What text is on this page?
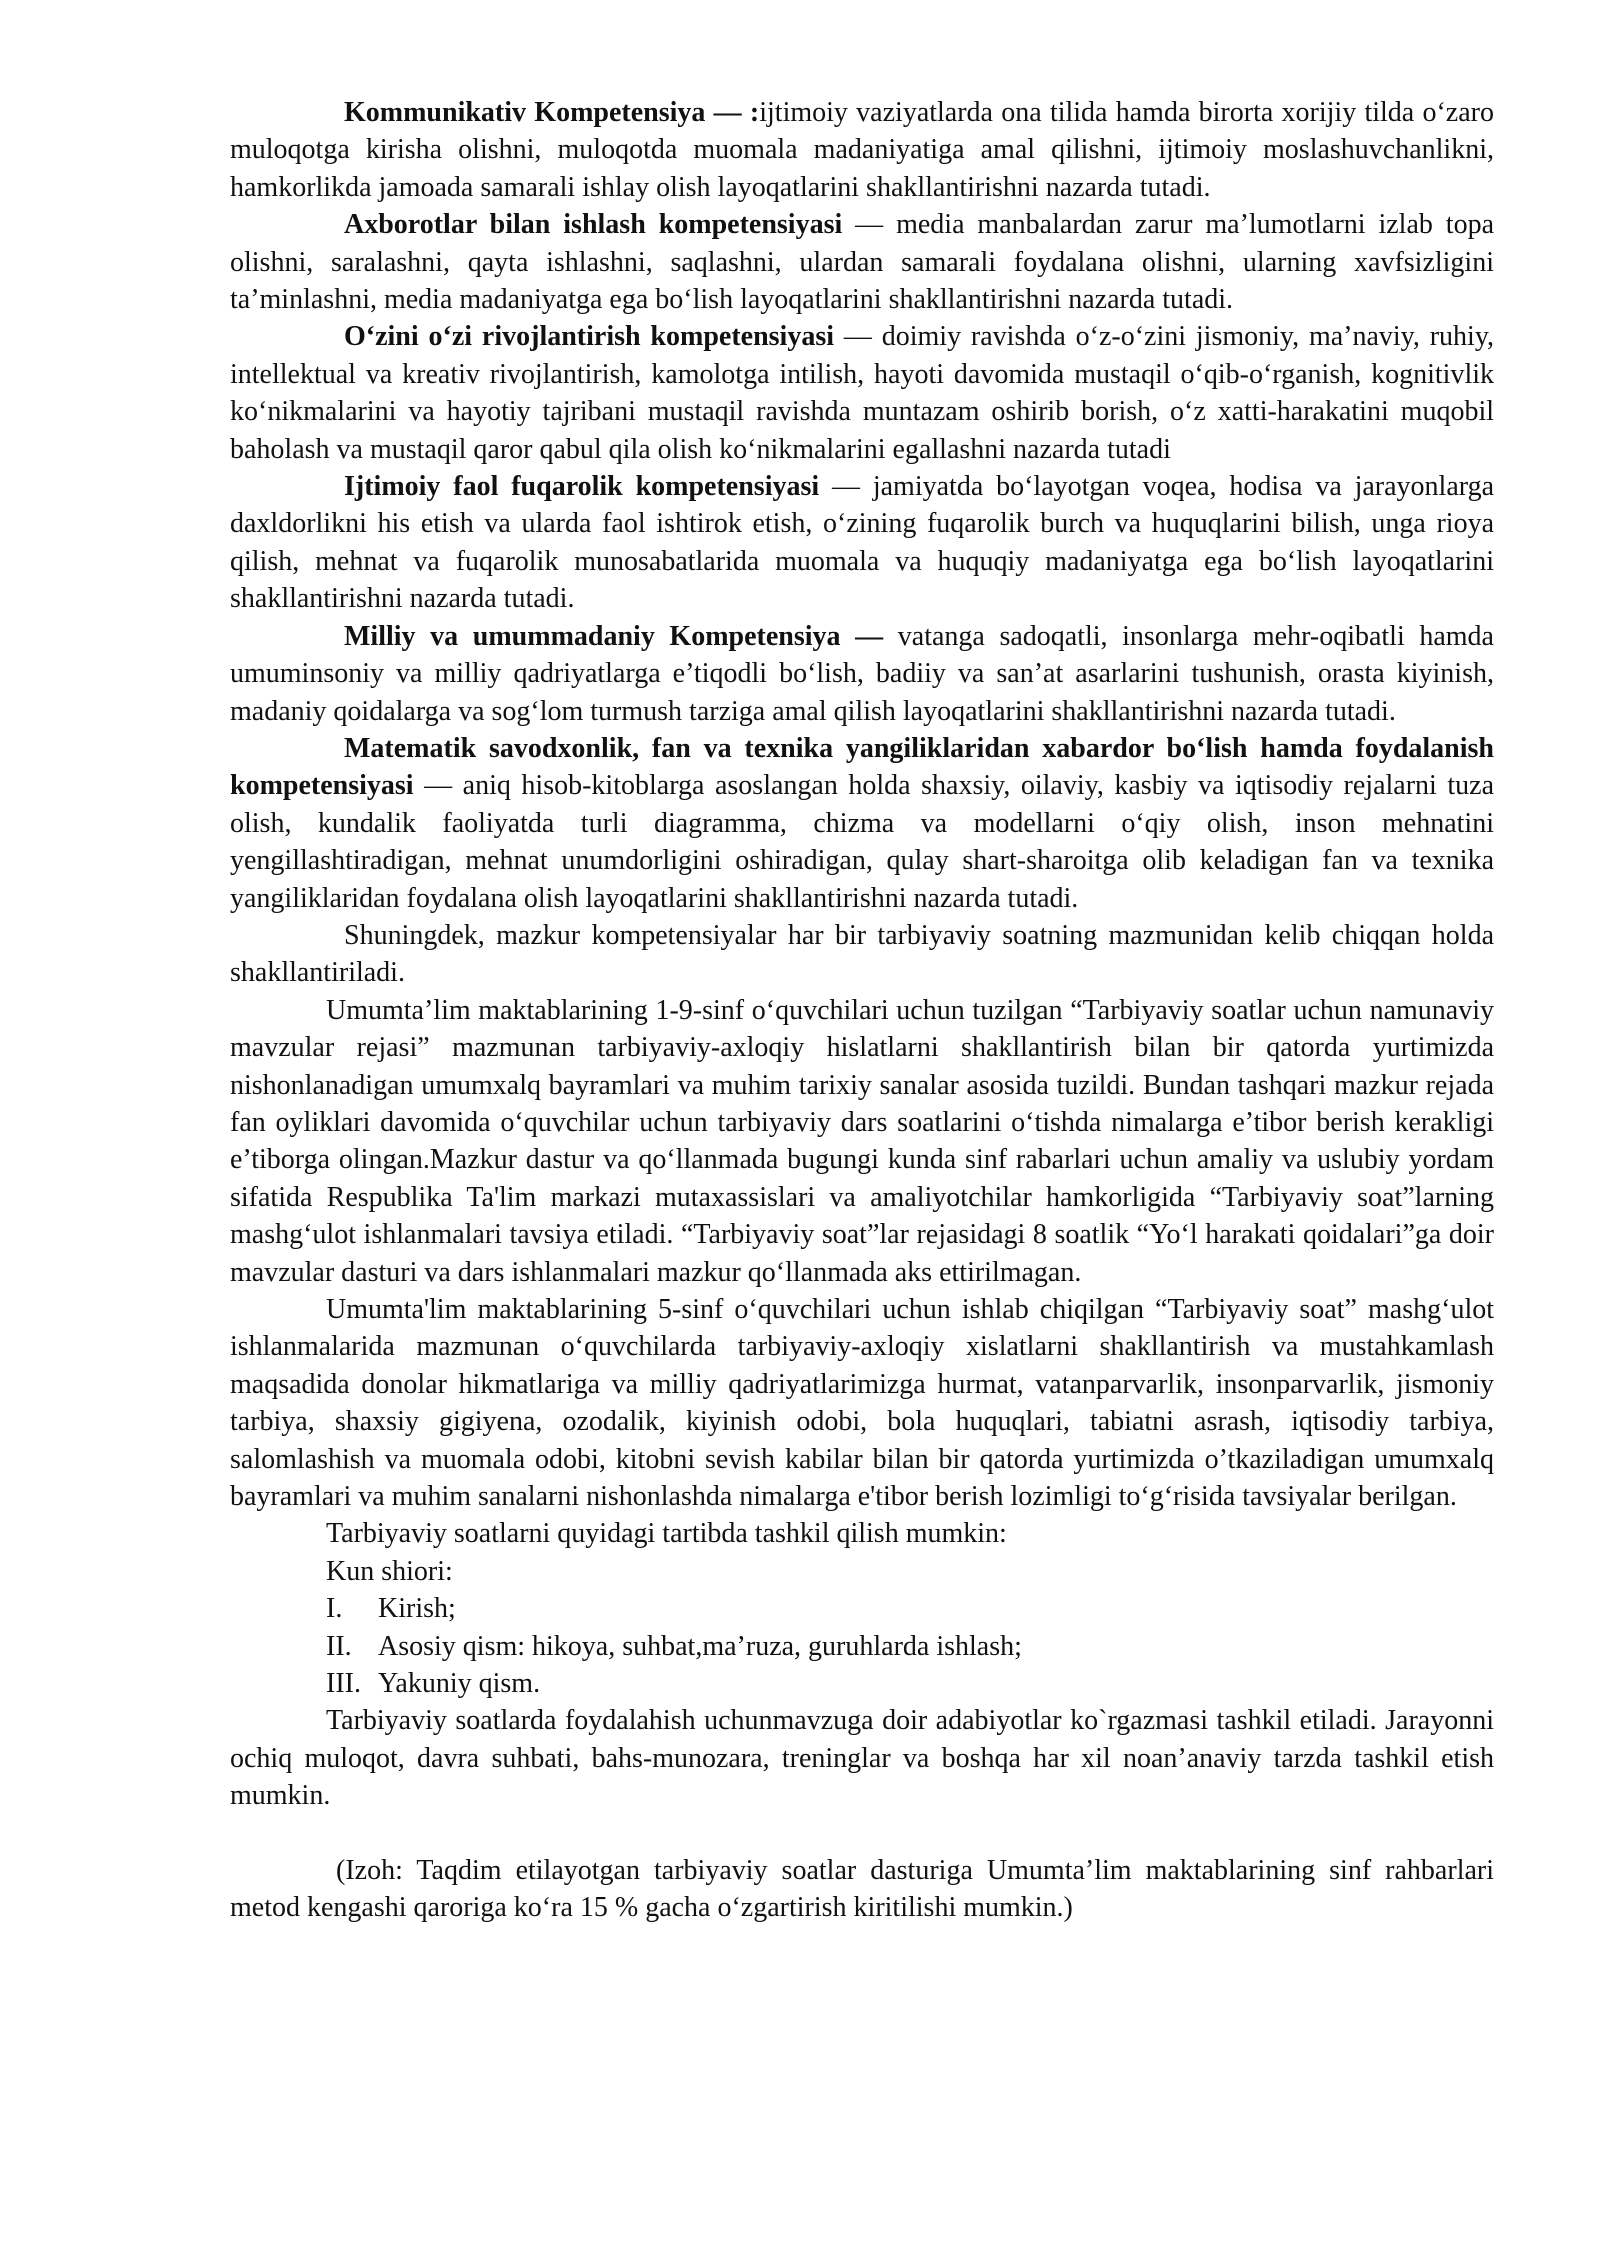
Kommunikativ Kompetensiya — :ijtimoiy vaziyatlarda ona tilida hamda birorta xorijiy tilda o‘zaro muloqotga kirisha olishni, muloqotda muomala madaniyatiga amal qilishni, ijtimoiy moslashuvchanlikni, hamkorlikda jamoada samarali ishlay olish layoqatlarini shakllantirishni nazarda tutadi.

Axborotlar bilan ishlash kompetensiyasi — media manbalardan zarur ma’lumotlarni izlab topa olishni, saralashni, qayta ishlashni, saqlashni, ulardan samarali foydalana olishni, ularning xavfsizligini ta’minlashni, media madaniyatga ega bo‘lish layoqatlarini shakllantirishni nazarda tutadi.

O‘zini o‘zi rivojlantirish kompetensiyasi — doimiy ravishda o‘z-o‘zini jismoniy, ma’naviy, ruhiy, intellektual va kreativ rivojlantirish, kamolotga intilish, hayoti davomida mustaqil o‘qib-o‘rganish, kognitivlik ko‘nikmalarini va hayotiy tajribani mustaqil ravishda muntazam oshirib borish, o‘z xatti-harakatini muqobil baholash va mustaqil qaror qabul qila olish ko‘nikmalarini egallashni nazarda tutadi

Ijtimoiy faol fuqarolik kompetensiyasi — jamiyatda bo‘layotgan voqea, hodisa va jarayonlarga daxldorlikni his etish va ularda faol ishtirok etish, o‘zining fuqarolik burch va huquqlarini bilish, unga rioya qilish, mehnat va fuqarolik munosabatlarida muomala va huquqiy madaniyatga ega bo‘lish layoqatlarini shakllantirishni nazarda tutadi.

Milliy va umummadaniy Kompetensiya — vatanga sadoqatli, insonlarga mehr-oqibatli hamda umuminsoniy va milliy qadriyatlarga e’tiqodli bo‘lish, badiiy va san’at asarlarini tushunish, orasta kiyinish, madaniy qoidalarga va sog‘lom turmush tarziga amal qilish layoqatlarini shakllantirishni nazarda tutadi.

Matematik savodxonlik, fan va texnika yangiliklaridan xabardor bo‘lish hamda foydalanish kompetensiyasi — aniq hisob-kitoblarga asoslangan holda shaxsiy, oilaviy, kasbiy va iqtisodiy rejalarni tuza olish, kundalik faoliyatda turli diagramma, chizma va modellarni o‘qiy olish, inson mehnatini yengillashtiradigan, mehnat unumdorligini oshiradigan, qulay shart-sharoitga olib keladigan fan va texnika yangiliklaridan foydalana olish layoqatlarini shakllantirishni nazarda tutadi.

Shuningdek, mazkur kompetensiyalar har bir tarbiyaviy soatning mazmunidan kelib chiqqan holda shakllantiriladi.

Umumta’lim maktablarining 1-9-sinf o‘quvchilari uchun tuzilgan “Tarbiyaviy soatlar uchun namunaviy mavzular rejasi” mazmunan tarbiyaviy-axloqiy hislatlarni shakllantirish bilan bir qatorda yurtimizda nishonlanadigan umumxalq bayramlari va muhim tarixiy sanalar asosida tuzildi. Bundan tashqari mazkur rejada fan oyliklari davomida o‘quvchilar uchun tarbiyaviy dars soatlarini o‘tishda nimalarga e’tibor berish kerakligi e’tiborga olingan.Mazkur dastur va qo‘llanmada bugungi kunda sinf rabarlari uchun amaliy va uslubiy yordam sifatida Respublika Ta'lim markazi mutaxassislari va amaliyotchilar hamkorligida “Tarbiyaviy soat”larning mashg‘ulot ishlanmalari tavsiya etiladi. “Tarbiyaviy soat”lar rejasidagi 8 soatlik “Yo‘l harakati qoidalari”ga doir mavzular dasturi va dars ishlanmalari mazkur qo‘llanmada aks ettirilmagan.

Umumta'lim maktablarining 5-sinf o‘quvchilari uchun ishlab chiqilgan “Tarbiyaviy soat” mashg‘ulot ishlanmalarida mazmunan o‘quvchilarda tarbiyaviy-axloqiy xislatlarni shakllantirish va mustahkamlash maqsadida donolar hikmatlariga va milliy qadriyatlarimizga hurmat, vatanparvarlik, insonparvarlik, jismoniy tarbiya, shaxsiy gigiyena, ozodalik, kiyinish odobi, bola huquqlari, tabiatni asrash, iqtisodiy tarbiya, salomlashish va muomala odobi, kitobni sevish kabilar bilan bir qatorda yurtimizda o’tkaziladigan umumxalq bayramlari va muhim sanalarni nishonlashda nimalarga e'tibor berish lozimligi to‘g‘risida tavsiyalar berilgan.

Tarbiyaviy soatlarni quyidagi tartibda tashkil qilish mumkin:

Kun shiori:

I. Kirish;

II. Asosiy qism: hikoya, suhbat,ma’ruza, guruhlarda ishlash;

III. Yakuniy qism.

Tarbiyaviy soatlarda foydalahish uchunmavzuga doir adabiyotlar ko`rgazmasi tashkil etiladi. Jarayonni ochiq muloqot, davra suhbati, bahs-munozara, treninglar va boshqa har xil noan’anaviy tarzda tashkil etish mumkin.

(Izoh: Taqdim etilayotgan tarbiyaviy soatlar dasturiga Umumta’lim maktablarining sinf rahbarlari metod kengashi qaroriga ko‘ra 15 % gacha o‘zgartirish kiritilishi mumkin.)
